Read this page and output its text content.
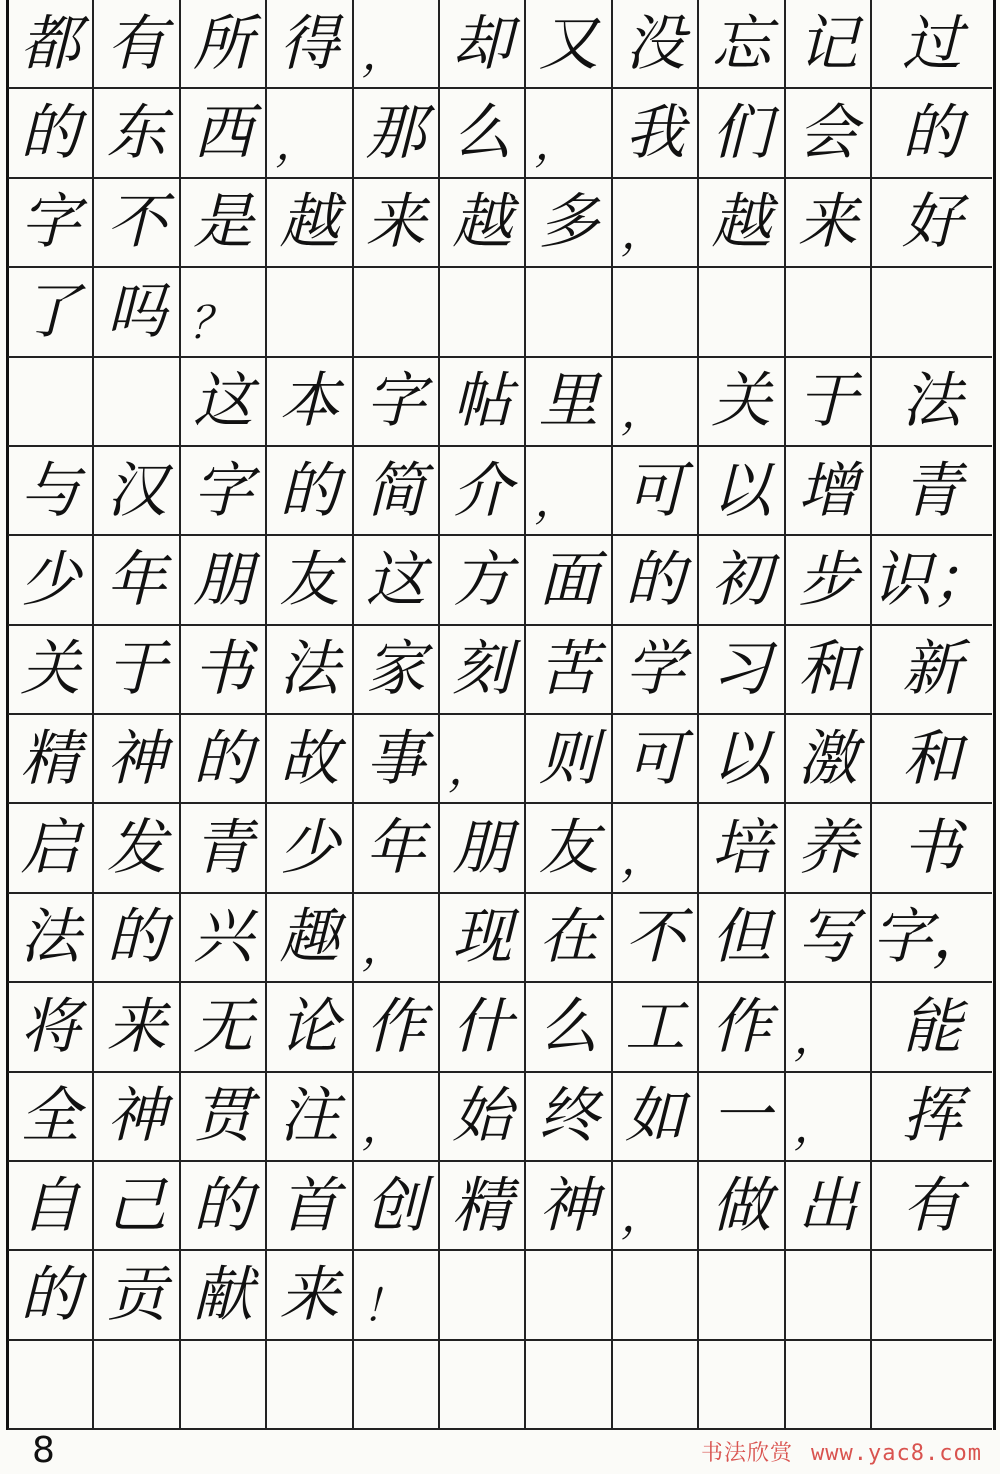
都 有 所 得 ， 却 又 没 忘 记 过
的 东 西 ， 那 么 ， 我 们 会 的
字 不 是 越 来 越 多 ， 越 来 好
了 吗 ？
这 本 字 帖 里 ， 关 于 法
与 汉 字 的 简 介 ， 可 以 增 青
少 年 朋 友 这 方 面 的 初 步 识；
关 于 书 法 家 刻 苦 学 习 和 新
精 神 的 故 事 ， 则 可 以 激 和
启 发 青 少 年 朋 友 ， 培 养 书
法 的 兴 趣 ， 现 在 不 但 写 字，
将 来 无 论 作 什 么 工 作 ，	能
全 神 贯 注 ， 始 终 如 一 ，	挥
自 己 的 首 创 精 神 ， 做 出 有
的 贡 献 来 ！
8	书法欣赏 www.yac8.com
